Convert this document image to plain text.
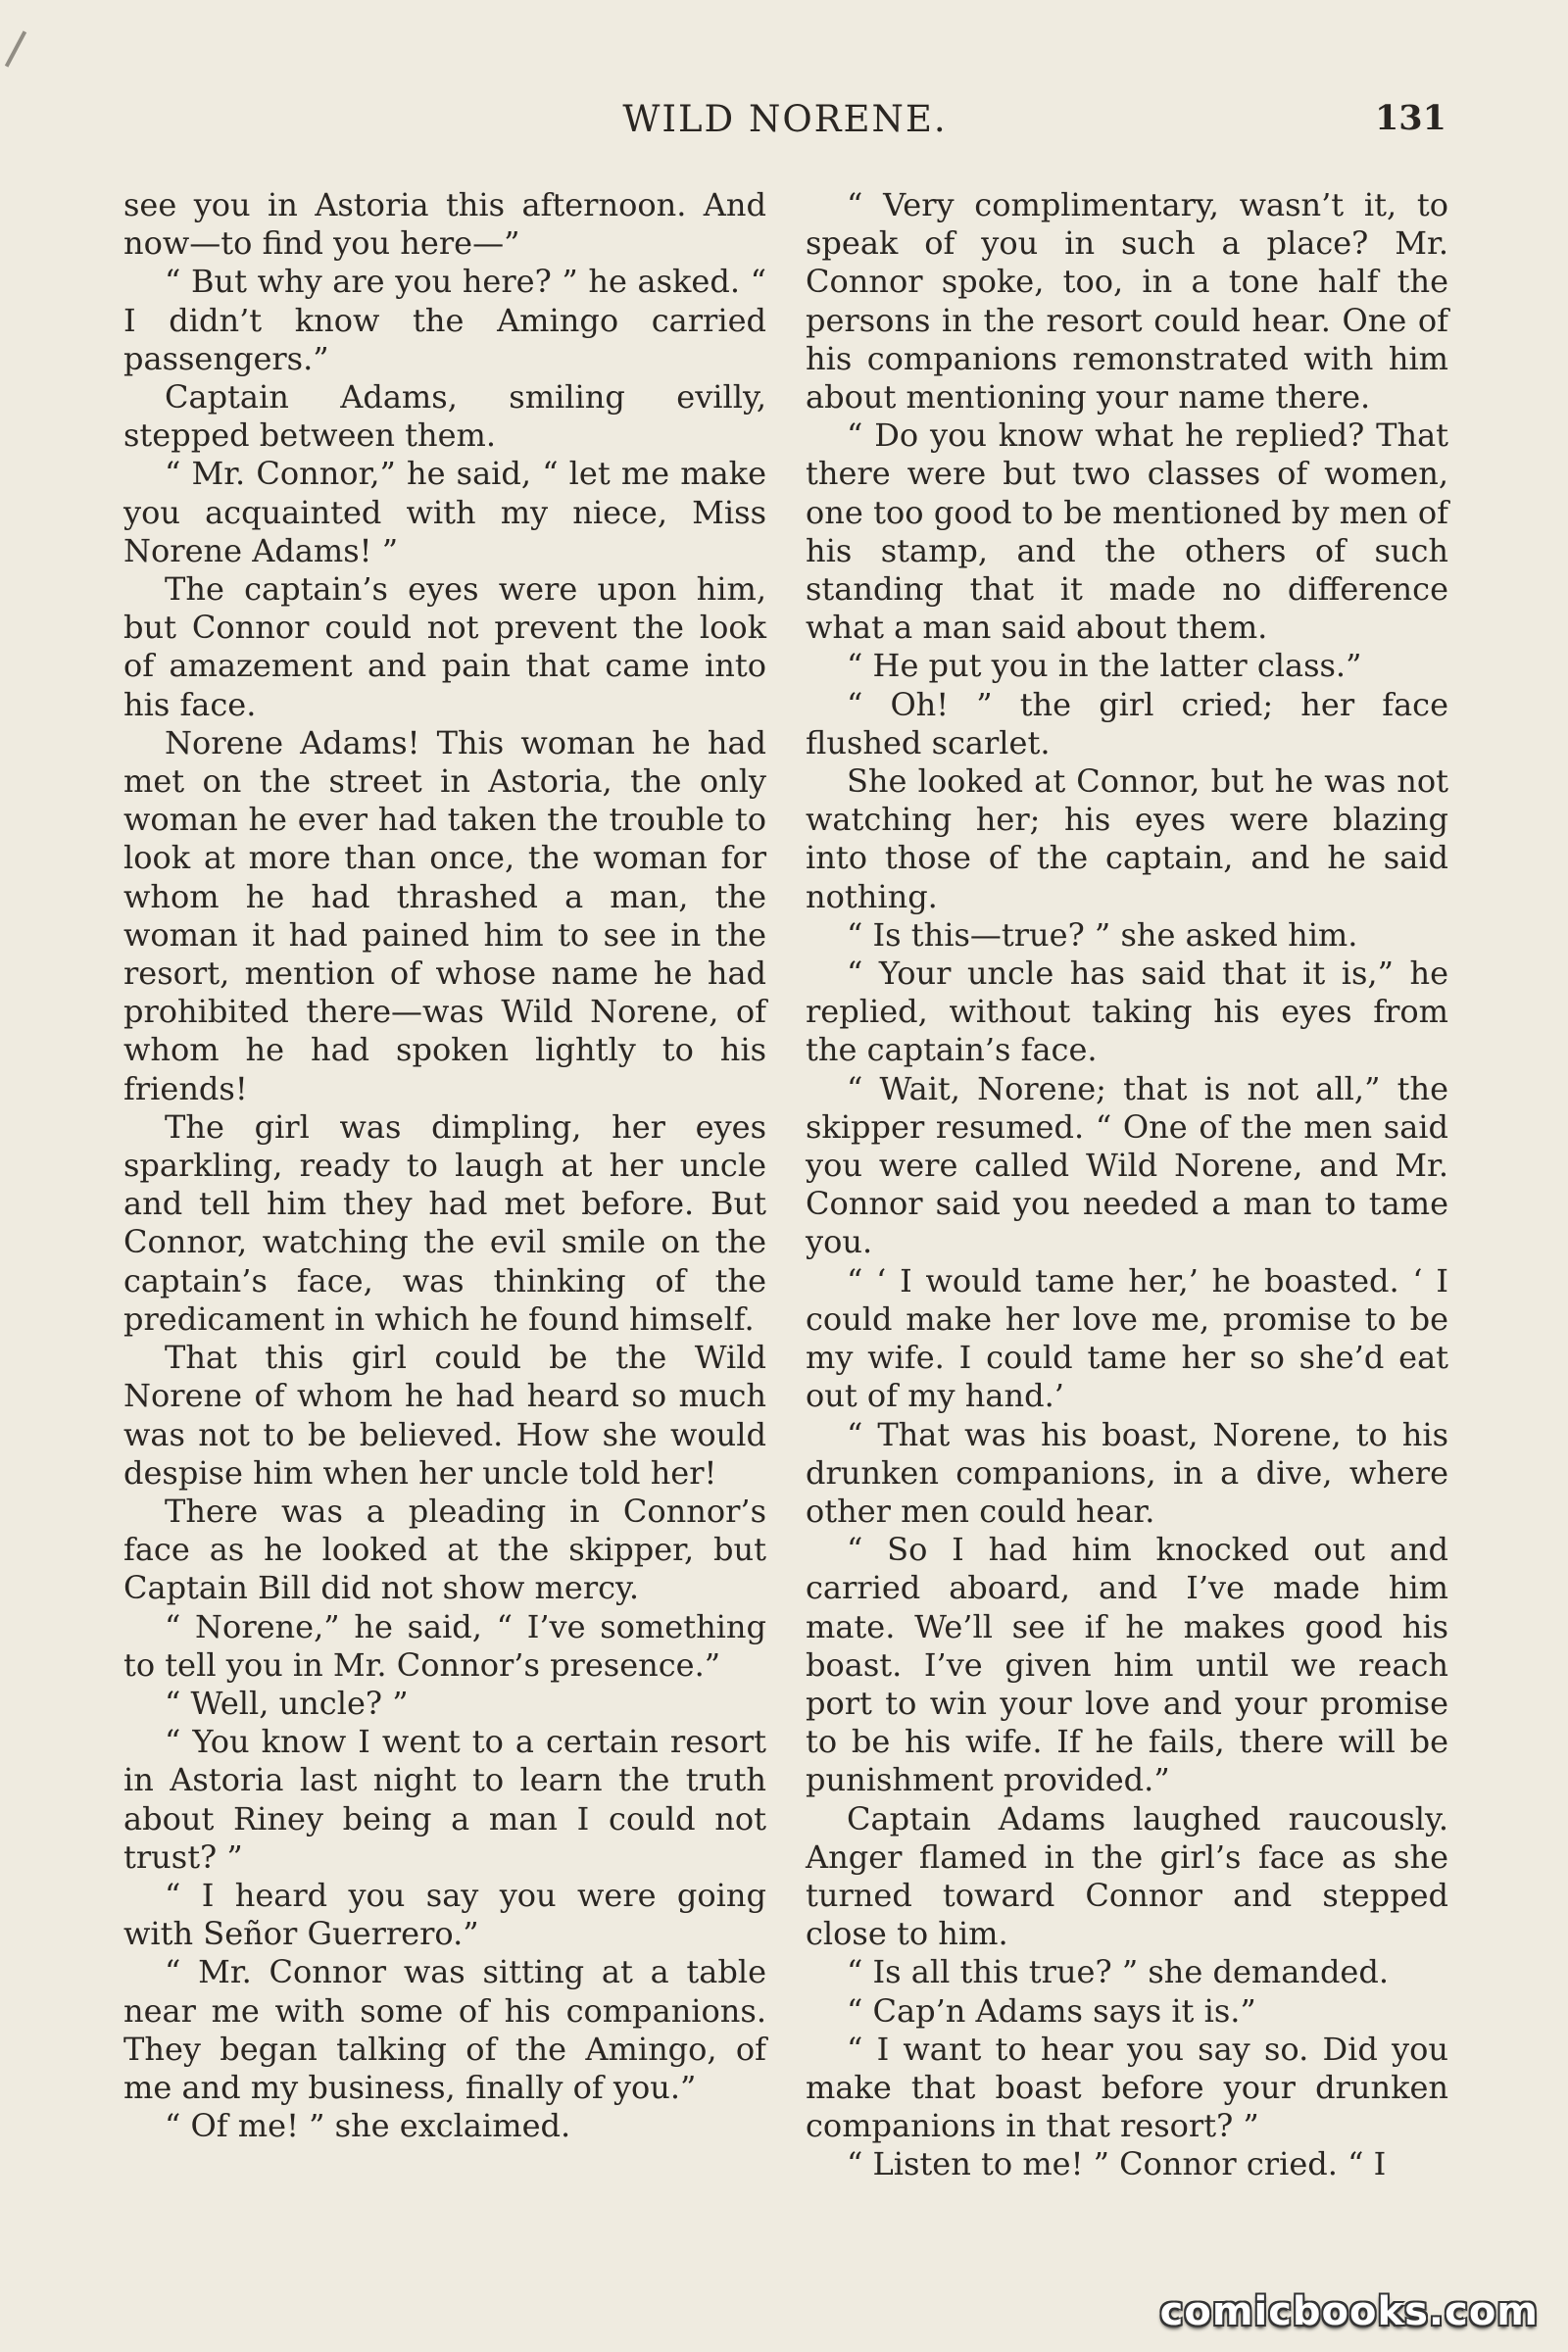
WILD NORENE.	131

see you in Astoria this afternoon. And now—to find you here—”

“ But why are you here? ” he asked. “ I didn’t know the Amingo carried passengers.”

Captain Adams, smiling evilly, stepped between them.

“ Mr. Connor,” he said, “ let me make you acquainted with my niece, Miss Norene Adams! ”

The captain’s eyes were upon him, but Connor could not prevent the look of amazement and pain that came into his face.

Norene Adams! This woman he had met on the street in Astoria, the only woman he ever had taken the trouble to look at more than once, the woman for whom he had thrashed a man, the woman it had pained him to see in the resort, mention of whose name he had prohibited there—was Wild Norene, of whom he had spoken lightly to his friends!

The girl was dimpling, her eyes sparkling, ready to laugh at her uncle and tell him they had met before. But Connor, watching the evil smile on the captain’s face, was thinking of the predicament in which he found himself.

That this girl could be the Wild Norene of whom he had heard so much was not to be believed. How she would despise him when her uncle told her!

There was a pleading in Connor’s face as he looked at the skipper, but Captain Bill did not show mercy.

“ Norene,” he said, “ I’ve something to tell you in Mr. Connor’s presence.”

“ Well, uncle? ”

“ You know I went to a certain resort in Astoria last night to learn the truth about Riney being a man I could not trust? ”

“ I heard you say you were going with Señor Guerrero.”

“ Mr. Connor was sitting at a table near me with some of his companions. They began talking of the Amingo, of me and my business, finally of you.”

“ Of me! ” she exclaimed.

“ Very complimentary, wasn’t it, to speak of you in such a place? Mr. Connor spoke, too, in a tone half the persons in the resort could hear. One of his companions remonstrated with him about mentioning your name there.

“ Do you know what he replied? That there were but two classes of women, one too good to be mentioned by men of his stamp, and the others of such standing that it made no difference what a man said about them.

“ He put you in the latter class.”

“ Oh! ” the girl cried; her face flushed scarlet.

She looked at Connor, but he was not watching her; his eyes were blazing into those of the captain, and he said nothing.

“ Is this—true? ” she asked him.

“ Your uncle has said that it is,” he replied, without taking his eyes from the captain’s face.

“ Wait, Norene; that is not all,” the skipper resumed. “ One of the men said you were called Wild Norene, and Mr. Connor said you needed a man to tame you.

“ ‘ I would tame her,’ he boasted. ‘ I could make her love me, promise to be my wife. I could tame her so she’d eat out of my hand.’

“ That was his boast, Norene, to his drunken companions, in a dive, where other men could hear.

“ So I had him knocked out and carried aboard, and I’ve made him mate. We’ll see if he makes good his boast. I’ve given him until we reach port to win your love and your promise to be his wife. If he fails, there will be punishment provided.”

Captain Adams laughed raucously. Anger flamed in the girl’s face as she turned toward Connor and stepped close to him.

“ Is all this true? ” she demanded.

“ Cap’n Adams says it is.”

“ I want to hear you say so. Did you make that boast before your drunken companions in that resort? ”

“ Listen to me! ” Connor cried. “ I

comicbooks.com
